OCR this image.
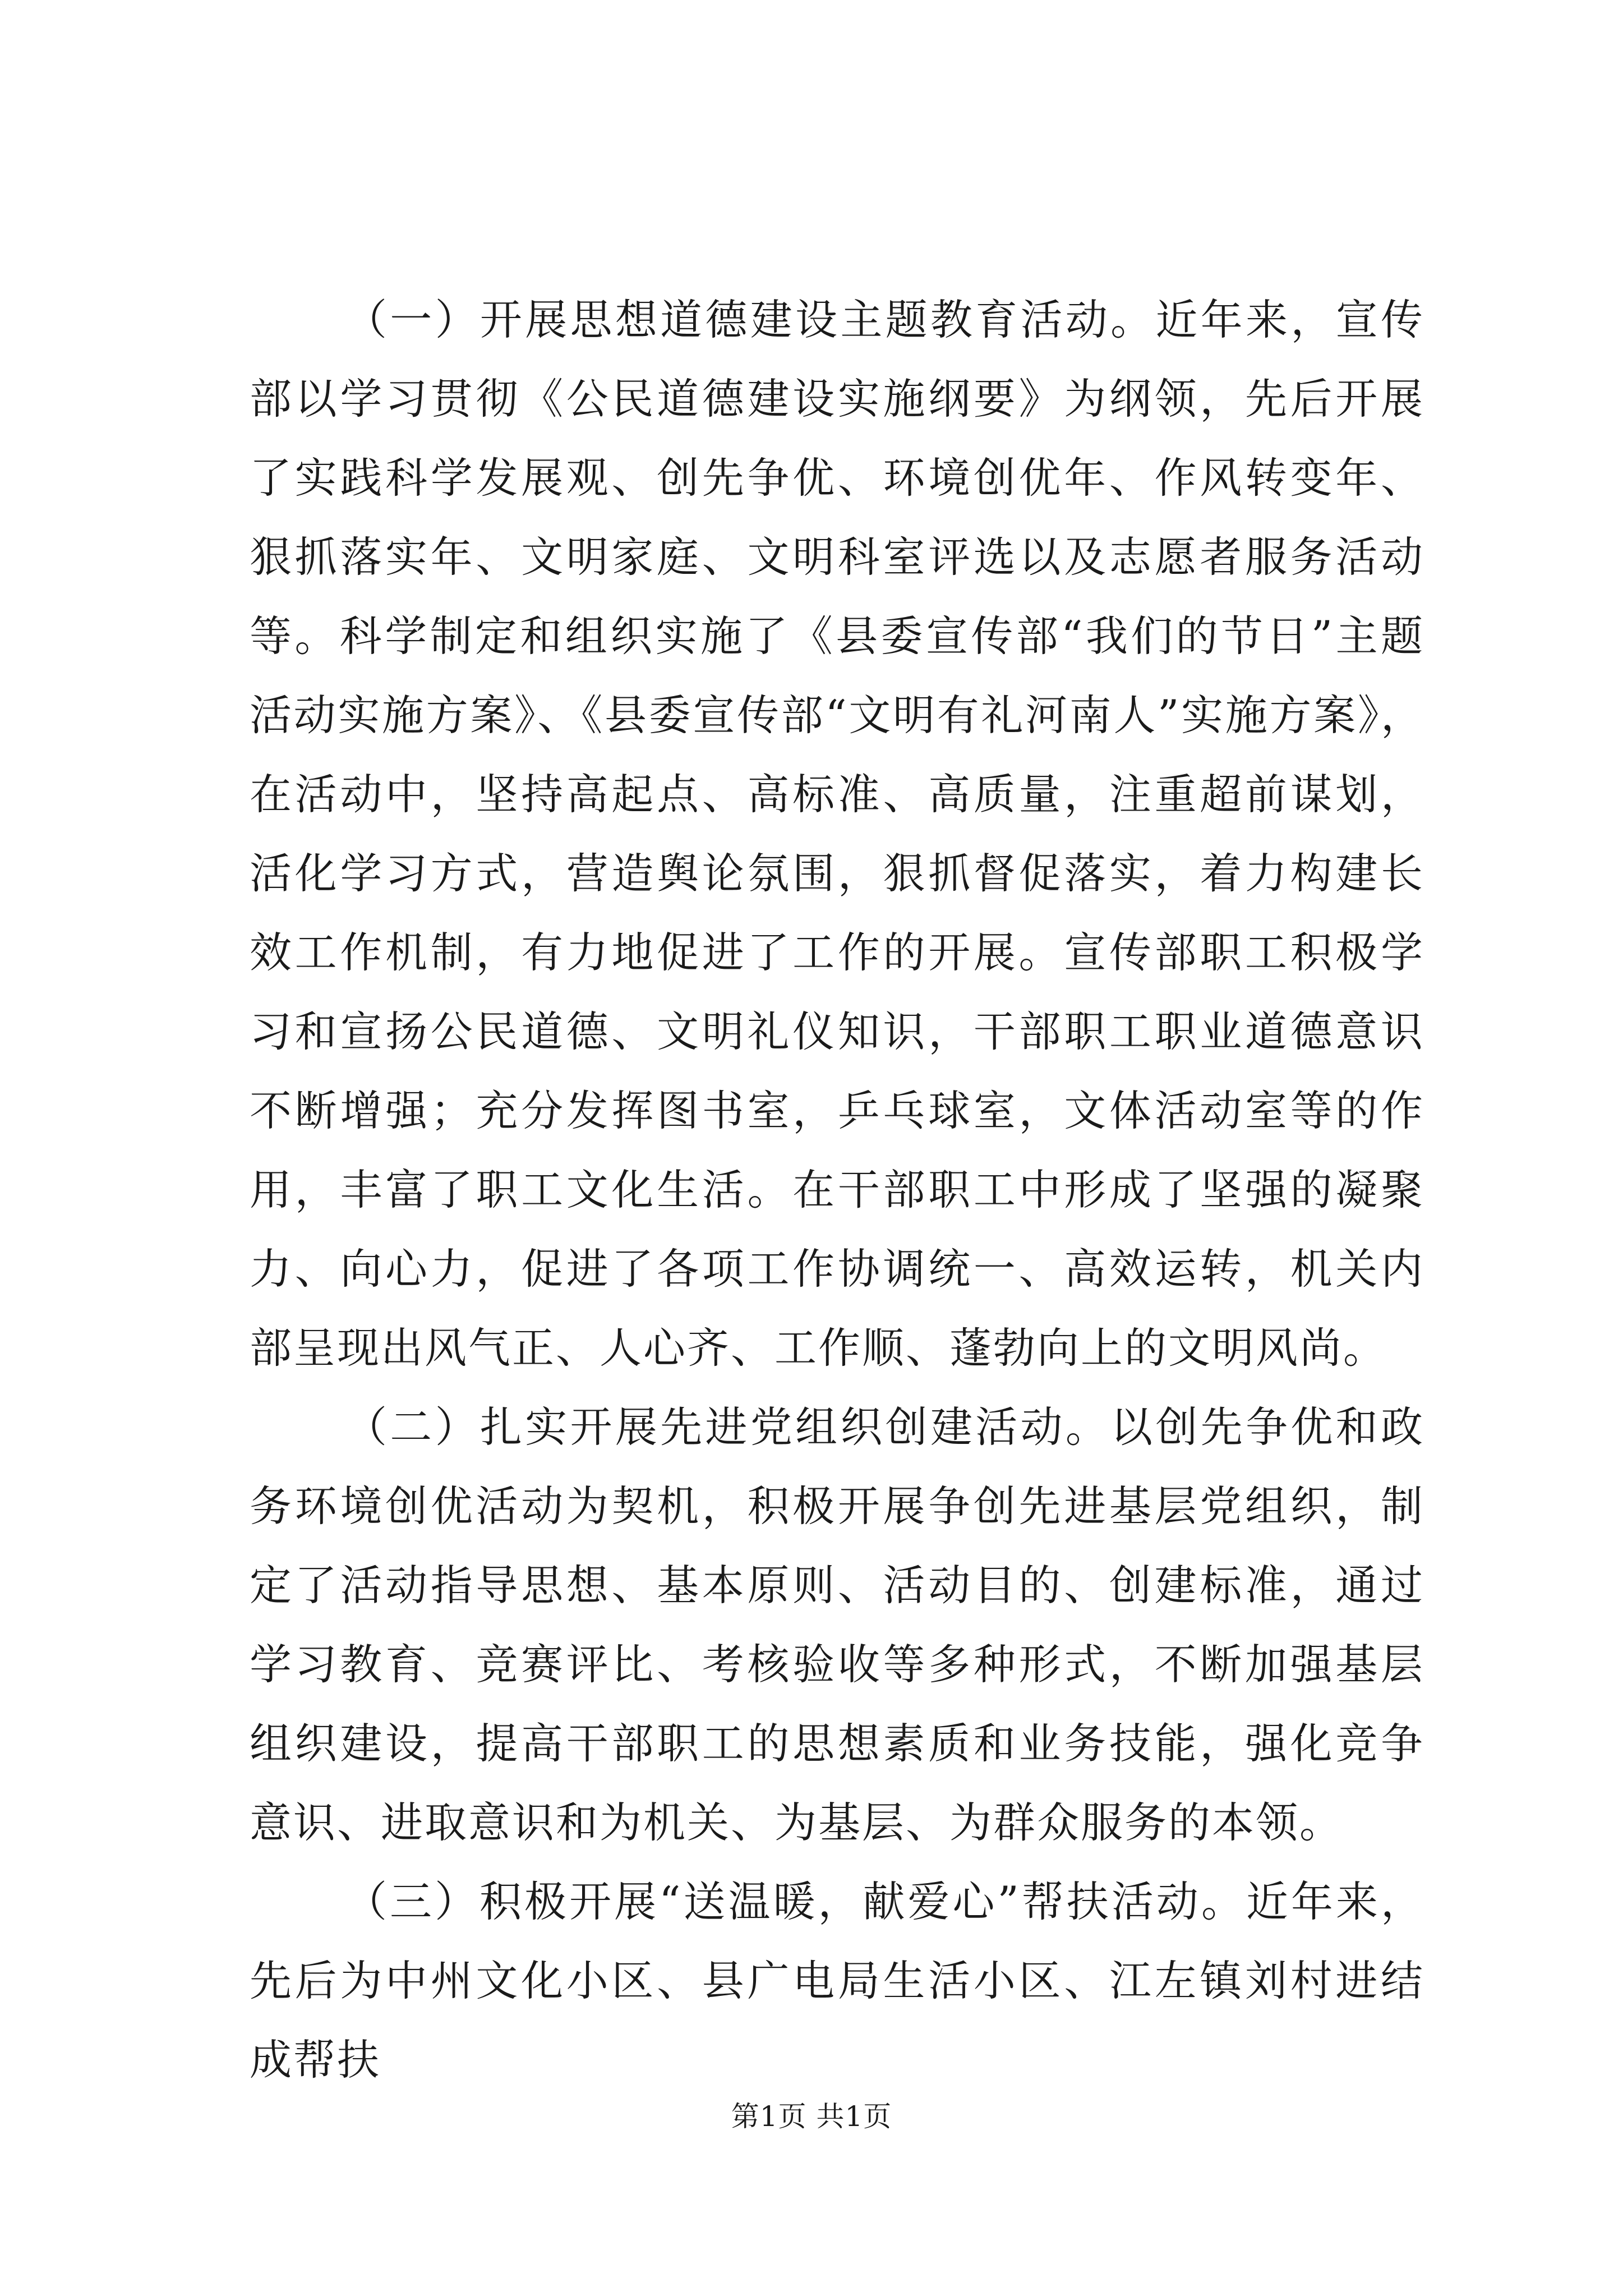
（一）开展思想道德建设主题教育活动。近年来，宣传部以学习贯彻《公民道德建设实施纲要》为纲领，先后开展了实践科学发展观、创先争优、环境创优年、作风转变年、狠抓落实年、文明家庭、文明科室评选以及志愿者服务活动等。科学制定和组织实施了《县委宣传部“我们的节日”主题活动实施方案》、《县委宣传部“文明有礼河南人”实施方案》，在活动中，坚持高起点、高标准、高质量，注重超前谋划，活化学习方式，营造舆论氛围，狠抓督促落实，着力构建长效工作机制，有力地促进了工作的开展。宣传部职工积极学习和宣扬公民道德、文明礼仪知识，干部职工职业道德意识不断增强；充分发挥图书室，乒乓球室，文体活动室等的作用，丰富了职工文化生活。在干部职工中形成了坚强的凝聚力、向心力，促进了各项工作协调统一、高效运转，机关内部呈现出风气正、人心齐、工作顺、蓬勃向上的文明风尚。

（二）扎实开展先进党组织创建活动。以创先争优和政务环境创优活动为契机，积极开展争创先进基层党组织，制定了活动指导思想、基本原则、活动目的、创建标准，通过学习教育、竞赛评比、考核验收等多种形式，不断加强基层组织建设，提高干部职工的思想素质和业务技能，强化竞争意识、进取意识和为机关、为基层、为群众服务的本领。

（三）积极开展“送温暖，献爱心”帮扶活动。近年来，先后为中州文化小区、县广电局生活小区、江左镇刘村进结成帮扶

第1页 共1页
